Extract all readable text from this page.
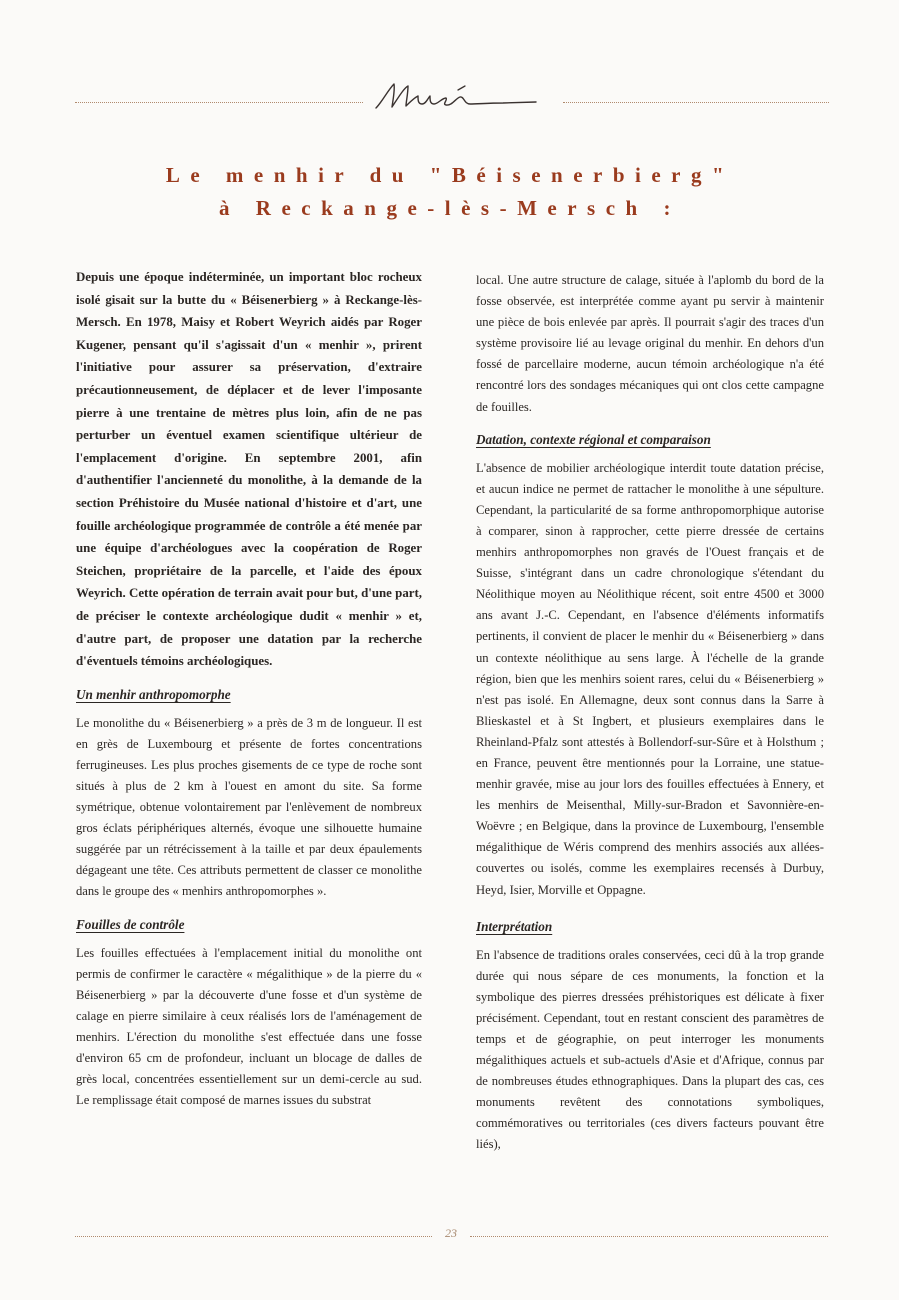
Le menhir du "Béisenerbierg"
à Reckange-lès-Mersch :

Depuis une époque indéterminée, un important bloc rocheux isolé gisait sur la butte du « Béisenerbierg » à Reckange-lès-Mersch. En 1978, Maisy et Robert Weyrich aidés par Roger Kugener, pensant qu'il s'agissait d'un « menhir », prirent l'initiative pour assurer sa préservation, d'extraire précautionneusement, de déplacer et de lever l'imposante pierre à une trentaine de mètres plus loin, afin de ne pas perturber un éventuel examen scientifique ultérieur de l'emplacement d'origine. En septembre 2001, afin d'authentifier l'ancienneté du monolithe, à la demande de la section Préhistoire du Musée national d'histoire et d'art, une fouille archéologique programmée de contrôle a été menée par une équipe d'archéologues avec la coopération de Roger Steichen, propriétaire de la parcelle, et l'aide des époux Weyrich. Cette opération de terrain avait pour but, d'une part, de préciser le contexte archéologique dudit « menhir » et, d'autre part, de proposer une datation par la recherche d'éventuels témoins archéologiques.

Un menhir anthropomorphe

Le monolithe du « Béisenerbierg » a près de 3 m de longueur. Il est en grès de Luxembourg et présente de fortes concentrations ferrugineuses. Les plus proches gisements de ce type de roche sont situés à plus de 2 km à l'ouest en amont du site. Sa forme symétrique, obtenue volontairement par l'enlèvement de nombreux gros éclats périphériques alternés, évoque une silhouette humaine suggérée par un rétrécissement à la taille et par deux épaulements dégageant une tête. Ces attributs permettent de classer ce monolithe dans le groupe des « menhirs anthropomorphes ».

Fouilles de contrôle

Les fouilles effectuées à l'emplacement initial du monolithe ont permis de confirmer le caractère « mégalithique » de la pierre du « Béisenerbierg » par la découverte d'une fosse et d'un système de calage en pierre similaire à ceux réalisés lors de l'aménagement de menhirs. L'érection du monolithe s'est effectuée dans une fosse d'environ 65 cm de profondeur, incluant un blocage de dalles de grès local, concentrées essentiellement sur un demi-cercle au sud. Le remplissage était composé de marnes issues du substrat

local. Une autre structure de calage, située à l'aplomb du bord de la fosse observée, est interprétée comme ayant pu servir à maintenir une pièce de bois enlevée par après. Il pourrait s'agir des traces d'un système provisoire lié au levage original du menhir. En dehors d'un fossé de parcellaire moderne, aucun témoin archéologique n'a été rencontré lors des sondages mécaniques qui ont clos cette campagne de fouilles.

Datation, contexte régional et comparaison

L'absence de mobilier archéologique interdit toute datation précise, et aucun indice ne permet de rattacher le monolithe à une sépulture. Cependant, la particularité de sa forme anthropomorphique autorise à comparer, sinon à rapprocher, cette pierre dressée de certains menhirs anthropomorphes non gravés de l'Ouest français et de Suisse, s'intégrant dans un cadre chronologique s'étendant du Néolithique moyen au Néolithique récent, soit entre 4500 et 3000 ans avant J.-C. Cependant, en l'absence d'éléments informatifs pertinents, il convient de placer le menhir du « Béisenerbierg » dans un contexte néolithique au sens large. À l'échelle de la grande région, bien que les menhirs soient rares, celui du « Béisenerbierg » n'est pas isolé. En Allemagne, deux sont connus dans la Sarre à Blieskastel et à St Ingbert, et plusieurs exemplaires dans le Rheinland-Pfalz sont attestés à Bollendorf-sur-Sûre et à Holsthum ; en France, peuvent être mentionnés pour la Lorraine, une statue-menhir gravée, mise au jour lors des fouilles effectuées à Ennery, et les menhirs de Meisenthal, Milly-sur-Bradon et Savonnière-en-Woëvre ; en Belgique, dans la province de Luxembourg, l'ensemble mégalithique de Wéris comprend des menhirs associés aux allées-couvertes ou isolés, comme les exemplaires recensés à Durbuy, Heyd, Isier, Morville et Oppagne.

Interprétation

En l'absence de traditions orales conservées, ceci dû à la trop grande durée qui nous sépare de ces monuments, la fonction et la symbolique des pierres dressées préhistoriques est délicate à fixer précisément. Cependant, tout en restant conscient des paramètres de temps et de géographie, on peut interroger les monuments mégalithiques actuels et sub-actuels d'Asie et d'Afrique, connus par de nombreuses études ethnographiques. Dans la plupart des cas, ces monuments revêtent des connotations symboliques, commémoratives ou territoriales (ces divers facteurs pouvant être liés),

23
